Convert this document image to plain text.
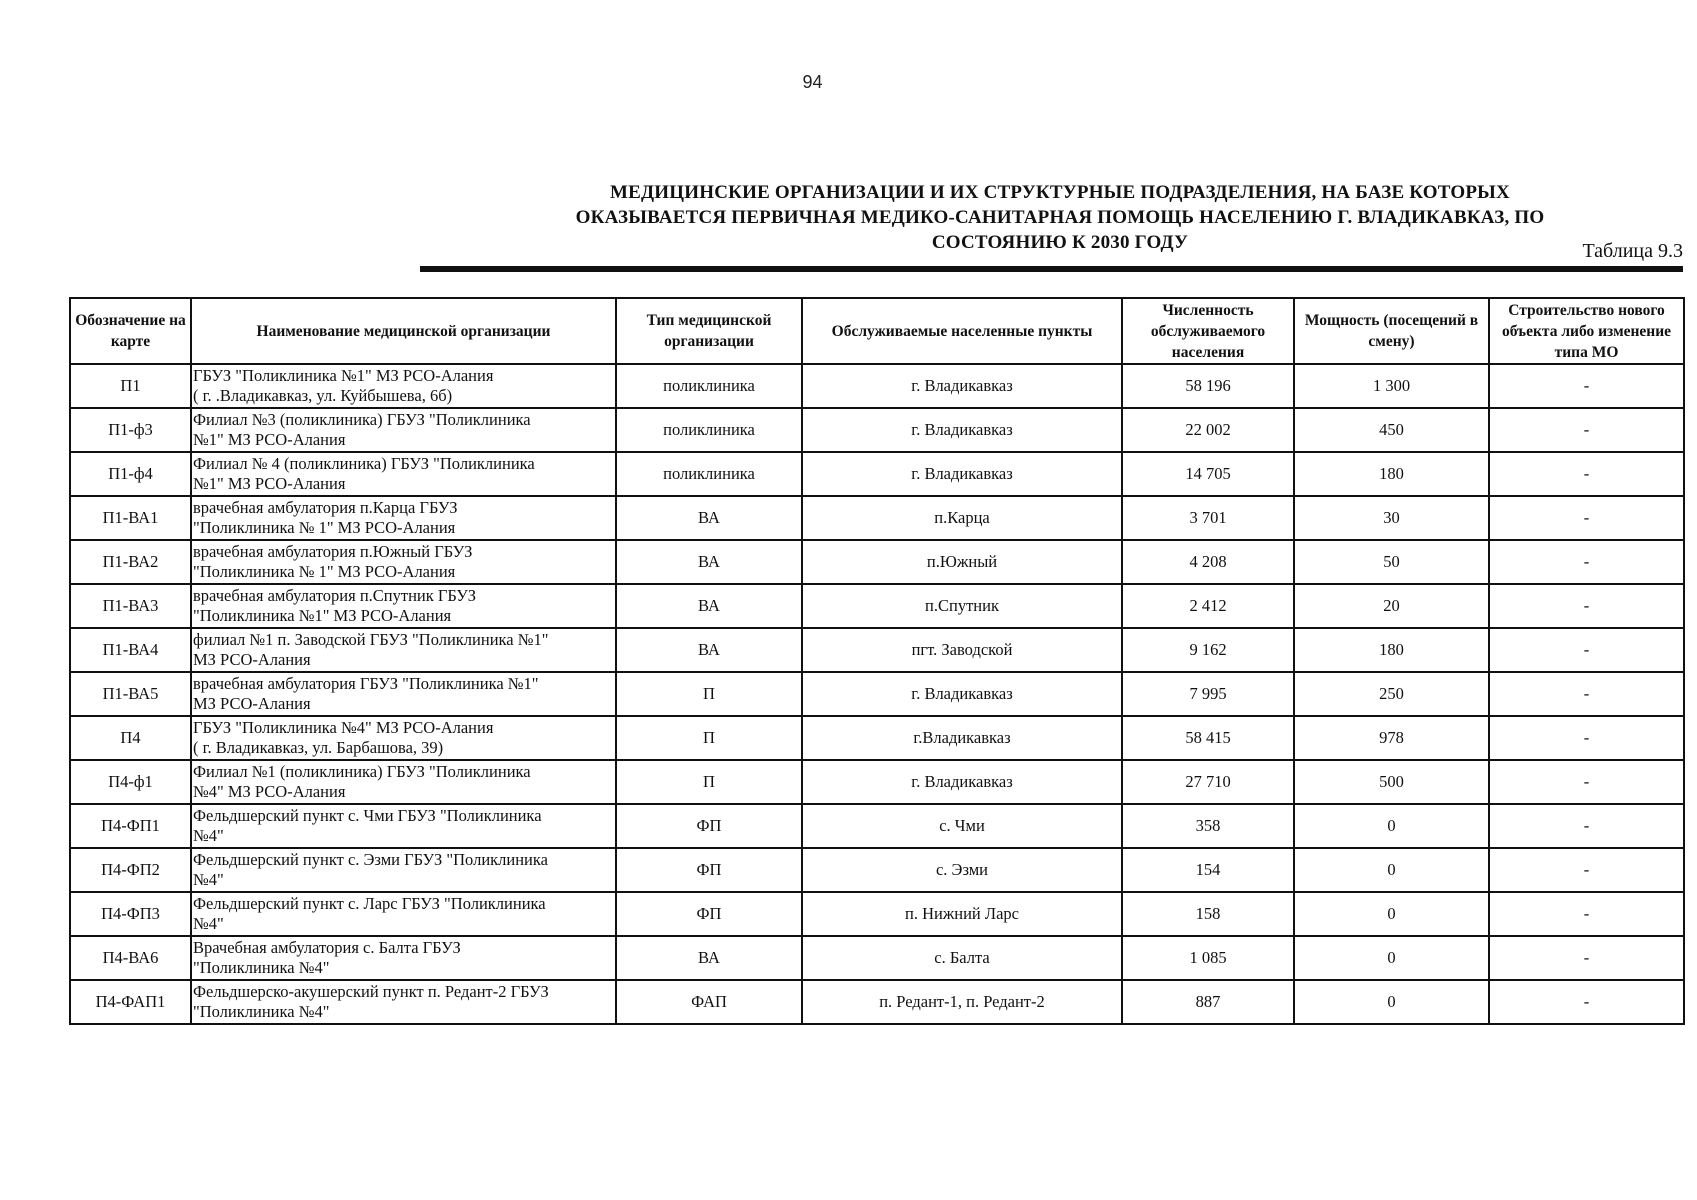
94
МЕДИЦИНСКИЕ ОРГАНИЗАЦИИ И ИХ СТРУКТУРНЫЕ ПОДРАЗДЕЛЕНИЯ, НА БАЗЕ КОТОРЫХ
ОКАЗЫВАЕТСЯ ПЕРВИЧНАЯ МЕДИКО-САНИТАРНАЯ ПОМОЩЬ НАСЕЛЕНИЮ Г. ВЛАДИКАВКАЗ, ПО
СОСТОЯНИЮ К 2030 ГОДУ	Таблица 9.3
Обозначение на карте	Наименование медицинской организации	Тип медицинской организации	Обслуживаемые населенные пункты	Численность обслуживаемого населения	Мощность (посещений в смену)	Строительство нового объекта либо изменение типа МО
П1	ГБУЗ "Поликлиника №1" МЗ РСО-Алания
( г. .Владикавказ, ул. Куйбышева, 6б)	поликлиника	г. Владикавказ	58 196	1 300	-
П1-ф3	Филиал №3 (поликлиника) ГБУЗ "Поликлиника
№1" МЗ РСО-Алания	поликлиника	г. Владикавказ	22 002	450	-
П1-ф4	Филиал № 4 (поликлиника) ГБУЗ "Поликлиника
№1" МЗ РСО-Алания	поликлиника	г. Владикавказ	14 705	180	-
П1-ВА1	врачебная амбулатория п.Карца ГБУЗ
"Поликлиника № 1" МЗ РСО-Алания	ВА	п.Карца	3 701	30	-
П1-ВА2	врачебная амбулатория п.Южный ГБУЗ
"Поликлиника № 1" МЗ РСО-Алания	ВА	п.Южный	4 208	50	-
П1-ВА3	врачебная амбулатория п.Спутник ГБУЗ
"Поликлиника №1" МЗ РСО-Алания	ВА	п.Спутник	2 412	20	-
П1-ВА4	филиал №1 п. Заводской ГБУЗ "Поликлиника №1"
МЗ РСО-Алания	ВА	пгт. Заводской	9 162	180	-
П1-ВА5	врачебная амбулатория ГБУЗ "Поликлиника №1"
МЗ РСО-Алания	П	г. Владикавказ	7 995	250	-
П4	ГБУЗ "Поликлиника №4" МЗ РСО-Алания
( г. Владикавказ, ул. Барбашова, 39)	П	г.Владикавказ	58 415	978	-
П4-ф1	Филиал №1 (поликлиника) ГБУЗ "Поликлиника
№4" МЗ РСО-Алания	П	г. Владикавказ	27 710	500	-
П4-ФП1	Фельдшерский пункт с. Чми ГБУЗ "Поликлиника
№4"	ФП	с. Чми	358	0	-
П4-ФП2	Фельдшерский пункт с. Эзми ГБУЗ "Поликлиника
№4"	ФП	с. Эзми	154	0	-
П4-ФП3	Фельдшерский пункт с. Ларс ГБУЗ "Поликлиника
№4"	ФП	п. Нижний Ларс	158	0	-
П4-ВА6	Врачебная амбулатория с. Балта ГБУЗ
"Поликлиника №4"	ВА	с. Балта	1 085	0	-
П4-ФАП1	Фельдшерско-акушерский пункт п. Редант-2 ГБУЗ
"Поликлиника №4"	ФАП	п. Редант-1, п. Редант-2	887	0	-
